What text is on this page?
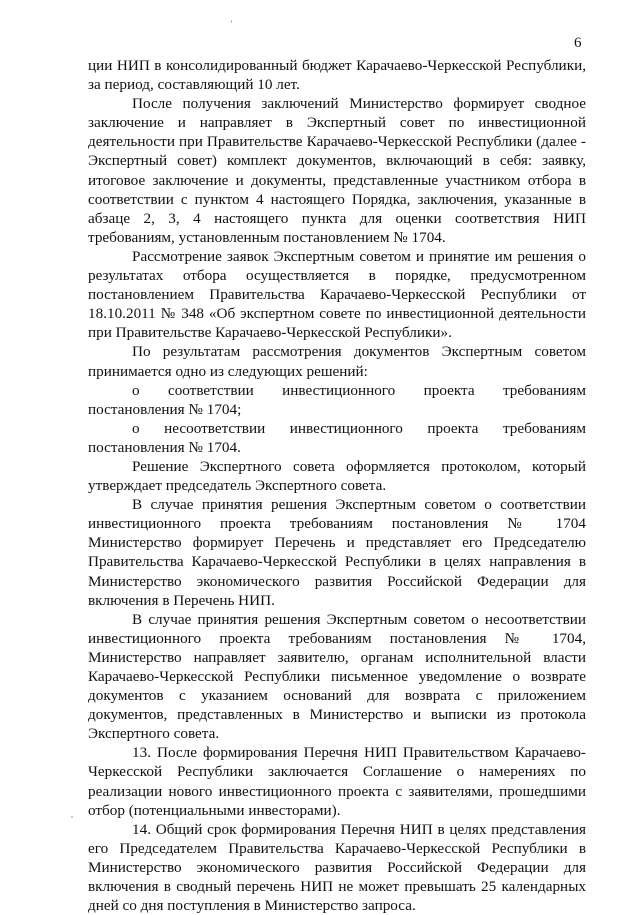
6

ции НИП в консолидированный бюджет Карачаево-Черкесской Республики, за период, составляющий 10 лет.

После получения заключений Министерство формирует сводное заключение и направляет в Экспертный совет по инвестиционной деятельности при Правительстве Карачаево-Черкесской Республики (далее - Экспертный совет) комплект документов, включающий в себя: заявку, итоговое заключение и документы, представленные участником отбора в соответствии с пунктом 4 настоящего Порядка, заключения, указанные в абзаце 2, 3, 4 настоящего пункта для оценки соответствия НИП требованиям, установленным постановлением № 1704.

Рассмотрение заявок Экспертным советом и принятие им решения о результатах отбора осуществляется в порядке, предусмотренном постановлением Правительства Карачаево-Черкесской Республики от 18.10.2011 № 348 «Об экспертном совете по инвестиционной деятельности при Правительстве Карачаево-Черкесской Республики».

По результатам рассмотрения документов Экспертным советом принимается одно из следующих решений:

о соответствии инвестиционного проекта требованиям постановления № 1704;

о несоответствии инвестиционного проекта требованиям постановления № 1704.

Решение Экспертного совета оформляется протоколом, который утверждает председатель Экспертного совета.

В случае принятия решения Экспертным советом о соответствии инвестиционного проекта требованиям постановления № 1704 Министерство формирует Перечень и представляет его Председателю Правительства Карачаево-Черкесской Республики в целях направления в Министерство экономического развития Российской Федерации для включения в Перечень НИП.

В случае принятия решения Экспертным советом о несоответствии инвестиционного проекта требованиям постановления № 1704, Министерство направляет заявителю, органам исполнительной власти Карачаево-Черкесской Республики письменное уведомление о возврате документов с указанием оснований для возврата с приложением документов, представленных в Министерство и выписки из протокола Экспертного совета.

13. После формирования Перечня НИП Правительством Карачаево-Черкесской Республики заключается Соглашение о намерениях по реализации нового инвестиционного проекта с заявителями, прошедшими отбор (потенциальными инвесторами).

14. Общий срок формирования Перечня НИП в целях представления его Председателем Правительства Карачаево-Черкесской Республики в Министерство экономического развития Российской Федерации для включения в сводный перечень НИП не может превышать 25 календарных дней со дня поступления в Министерство запроса.
